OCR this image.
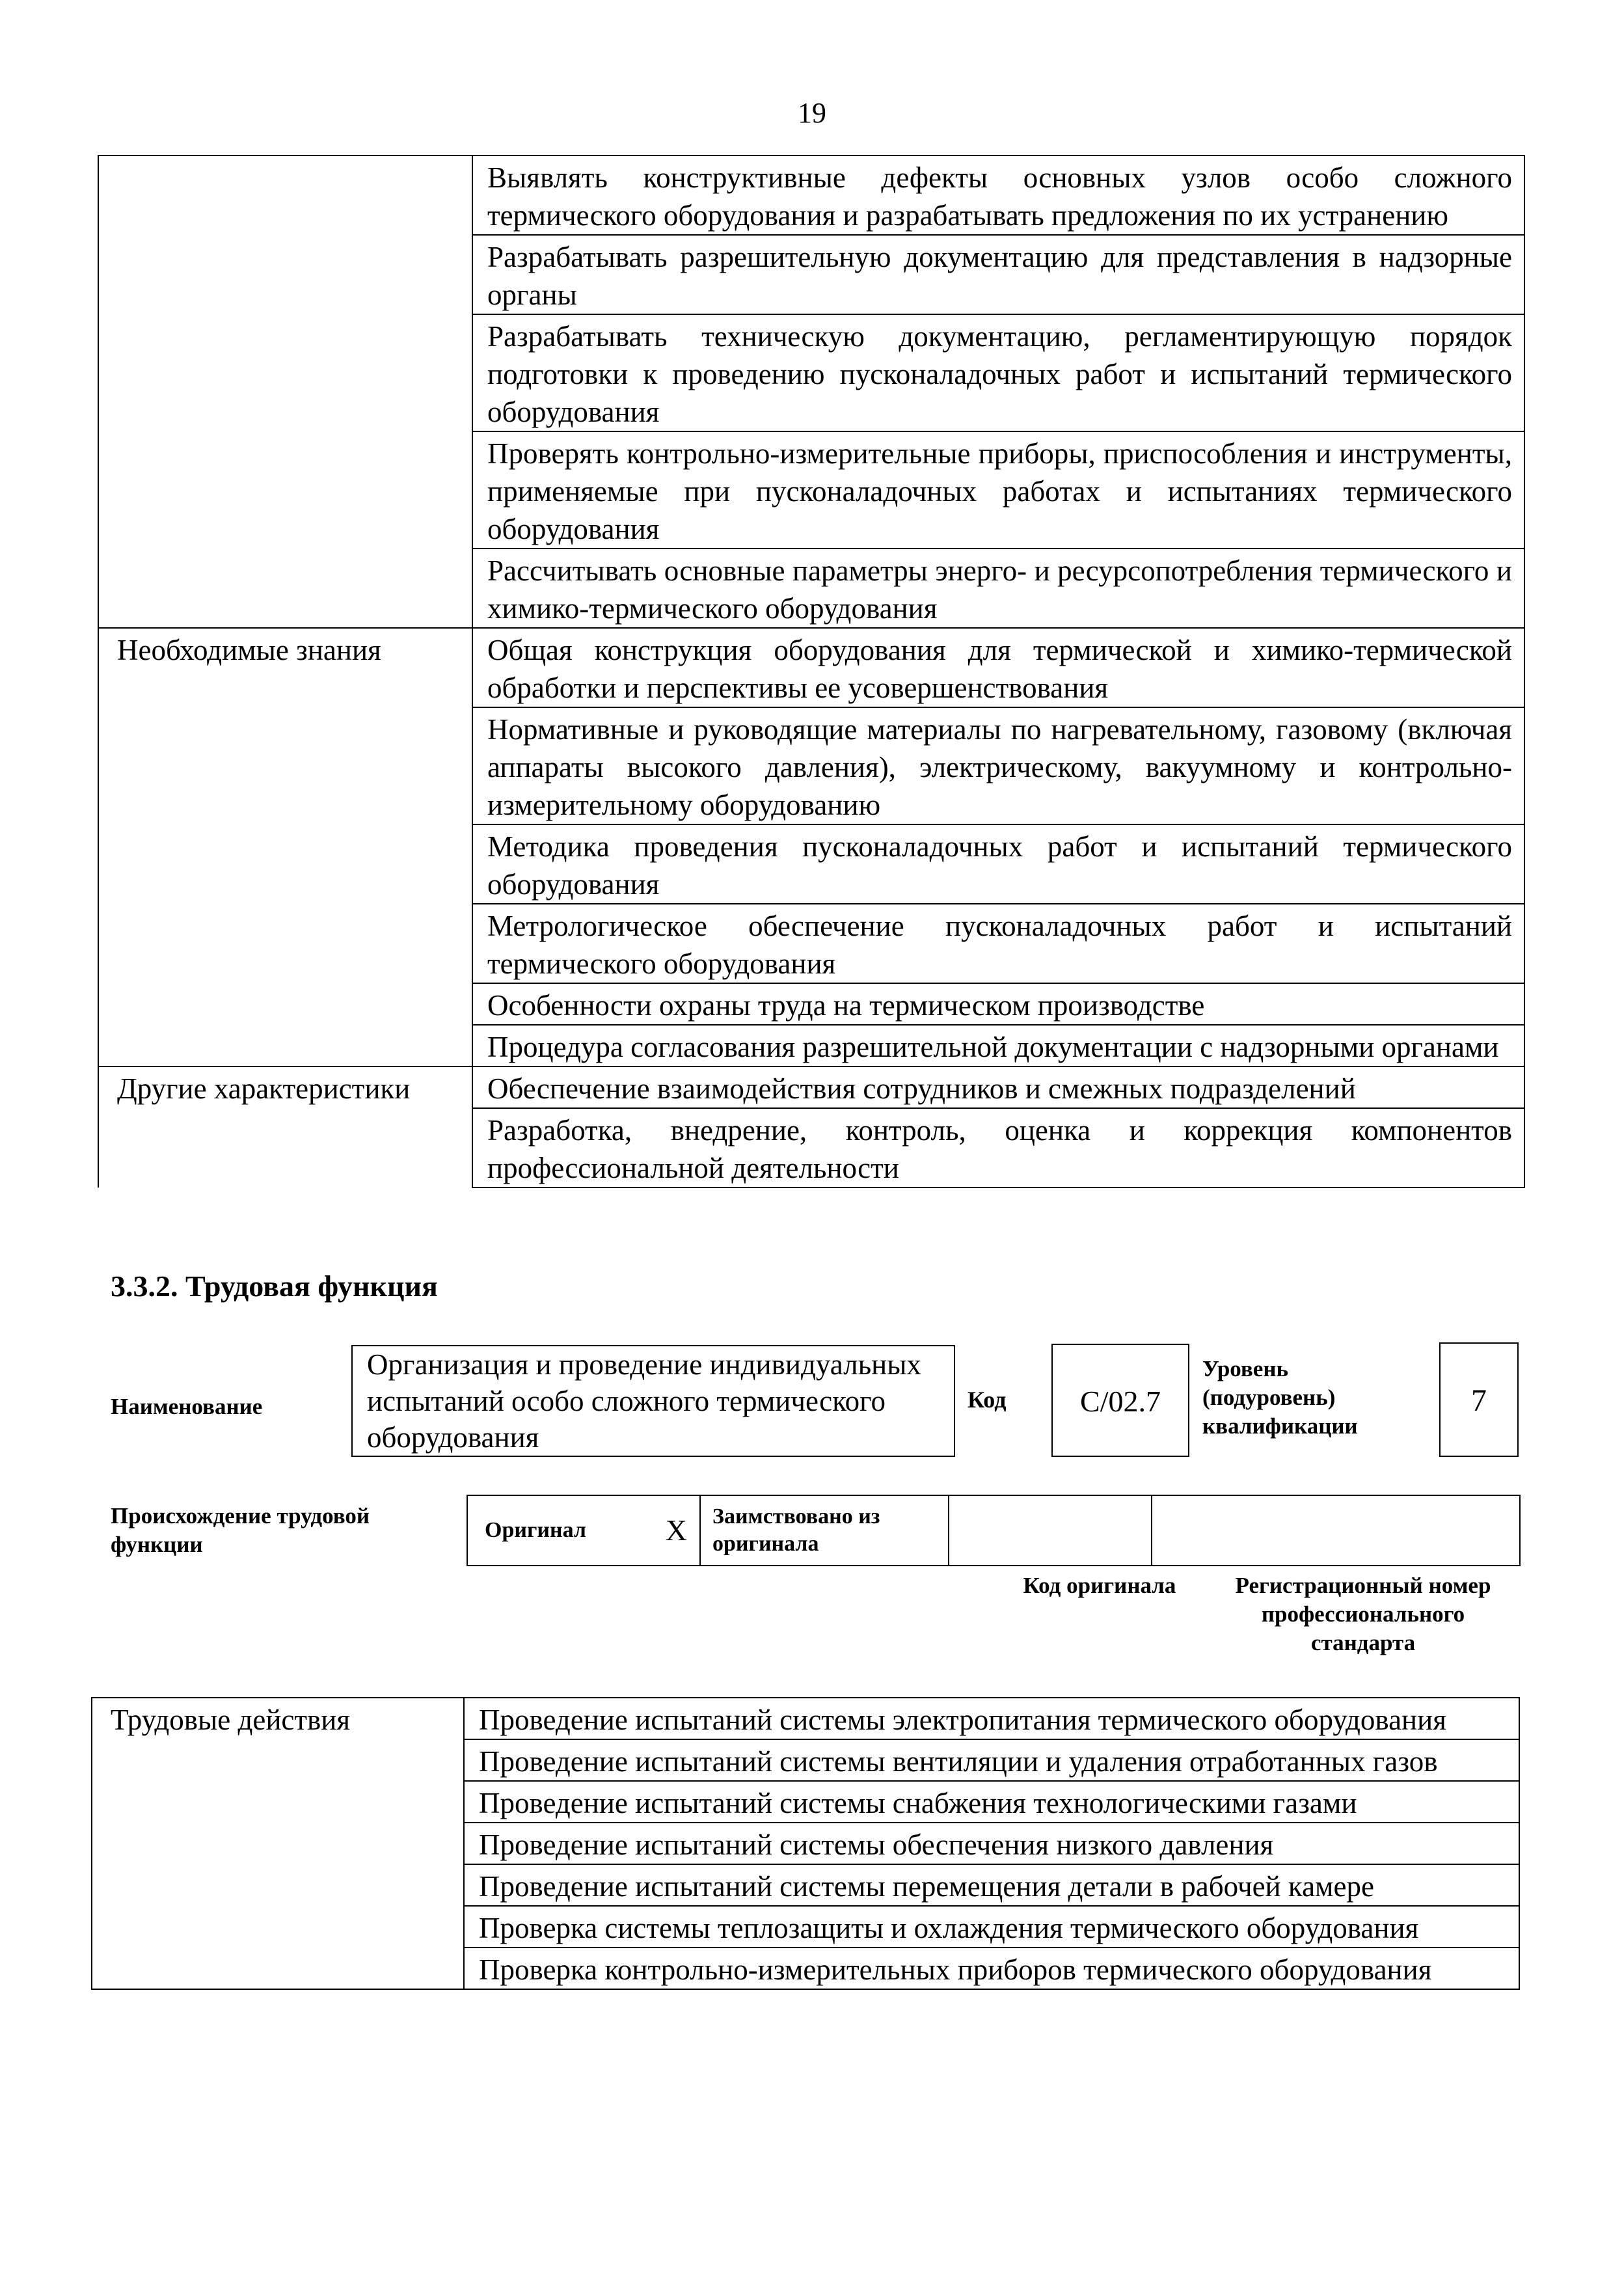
19
	Выявлять конструктивные дефекты основных узлов особо сложного термического оборудования и разрабатывать предложения по их устранению
	Разрабатывать разрешительную документацию для представления в надзорные органы
	Разрабатывать техническую документацию, регламентирующую порядок подготовки к проведению пусконаладочных работ и испытаний термического оборудования
	Проверять контрольно-измерительные приборы, приспособления и инструменты, применяемые при пусконаладочных работах и испытаниях термического оборудования
	Рассчитывать основные параметры энерго- и ресурсопотребления термического и химико-термического оборудования
Необходимые знания	Общая конструкция оборудования для термической и химико-термической обработки и перспективы ее усовершенствования
	Нормативные и руководящие материалы по нагревательному, газовому (включая аппараты высокого давления), электрическому, вакуумному и контрольно-измерительному оборудованию
	Методика проведения пусконаладочных работ и испытаний термического оборудования
	Метрологическое обеспечение пусконаладочных работ и испытаний термического оборудования
	Особенности охраны труда на термическом производстве
	Процедура согласования разрешительной документации с надзорными органами
Другие характеристики	Обеспечение взаимодействия сотрудников и смежных подразделений
	Разработка, внедрение, контроль, оценка и коррекция компонентов профессиональной деятельности
3.3.2. Трудовая функция
Наименование
Организация и проведение индивидуальных испытаний особо сложного термического оборудования
Код	С/02.7
Уровень (подуровень) квалификации
7
Происхождение трудовой функции
Оригинал	X	Заимствовано из оригинала		
Код оригинала	Регистрационный номер профессионального стандарта
Трудовые действия	Проведение испытаний системы электропитания термического оборудования
Проведение испытаний системы вентиляции и удаления отработанных газов
Проведение испытаний системы снабжения технологическими газами
Проведение испытаний системы обеспечения низкого давления
Проведение испытаний системы перемещения детали в рабочей камере
Проверка системы теплозащиты и охлаждения термического оборудования
Проверка контрольно-измерительных приборов термического оборудования
